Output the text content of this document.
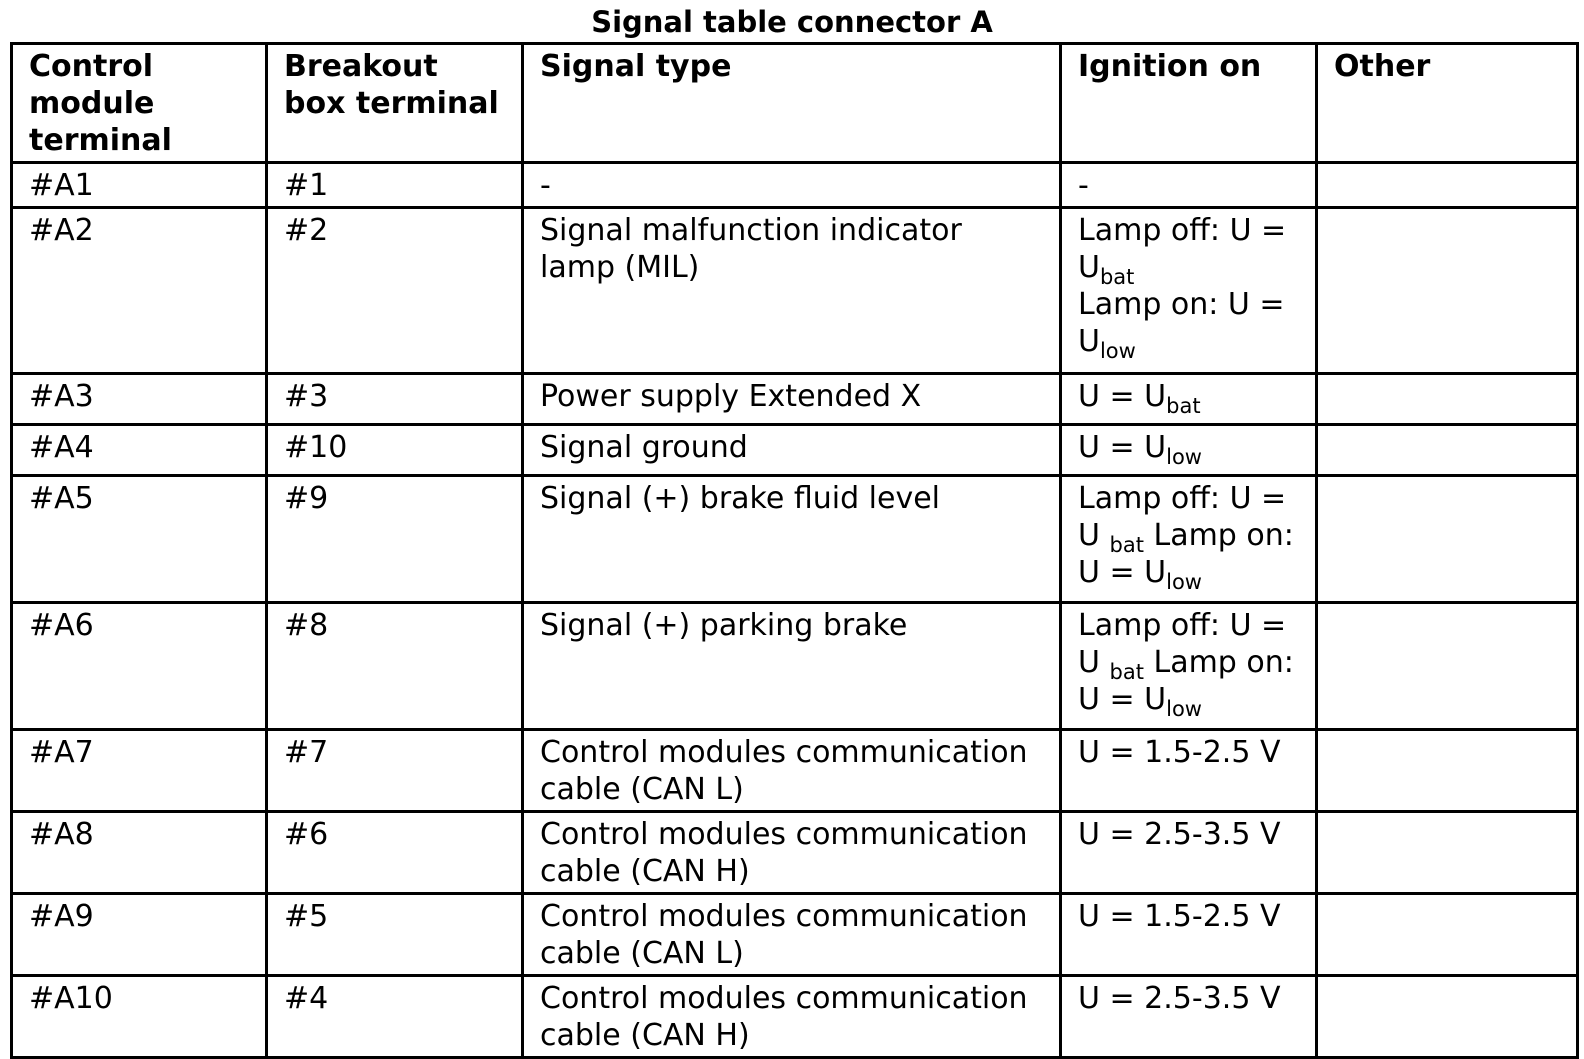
Signal table connector A
Control module terminal	Breakout box terminal	Signal type	Ignition on	Other
#A1	#1	-	-	
#A2	#2	Signal malfunction indicator lamp (MIL)	Lamp off: $U = U_{bat}$
Lamp on: $U = U_{low}$	
#A3	#3	Power supply Extended X	$U = U_{bat}$	
#A4	#10	Signal ground	$U = U_{low}$	
#A5	#9	Signal (+) brake fluid level	Lamp off: U = U $_{bat}$ Lamp on: $U = U_{low}$	
#A6	#8	Signal (+) parking brake	Lamp off: U = U $_{bat}$ Lamp on: $U = U_{low}$	
#A7	#7	Control modules communication cable (CAN L)	U = 1.5-2.5 V	
#A8	#6	Control modules communication cable (CAN H)	U = 2.5-3.5 V	
#A9	#5	Control modules communication cable (CAN L)	U = 1.5-2.5 V	
#A10	#4	Control modules communication cable (CAN H)	U = 2.5-3.5 V	
